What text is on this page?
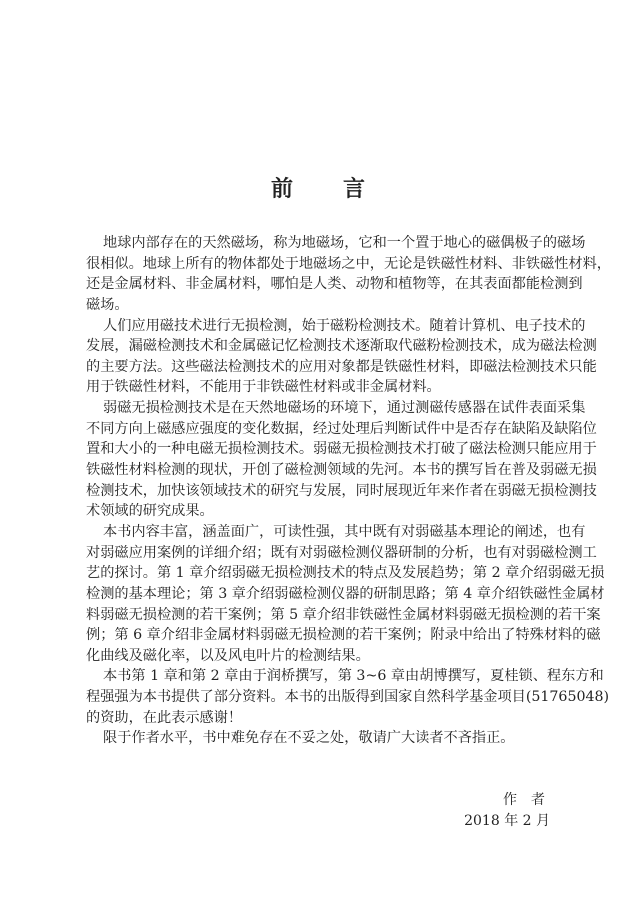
前　　言
地球内部存在的天然磁场，称为地磁场，它和一个置于地心的磁偶极子的磁场
很相似。地球上所有的物体都处于地磁场之中，无论是铁磁性材料、非铁磁性材料，
还是金属材料、非金属材料，哪怕是人类、动物和植物等，在其表面都能检测到
磁场。
人们应用磁技术进行无损检测，始于磁粉检测技术。随着计算机、电子技术的
发展，漏磁检测技术和金属磁记忆检测技术逐渐取代磁粉检测技术，成为磁法检测
的主要方法。这些磁法检测技术的应用对象都是铁磁性材料，即磁法检测技术只能
用于铁磁性材料，不能用于非铁磁性材料或非金属材料。
弱磁无损检测技术是在天然地磁场的环境下，通过测磁传感器在试件表面采集
不同方向上磁感应强度的变化数据，经过处理后判断试件中是否存在缺陷及缺陷位
置和大小的一种电磁无损检测技术。弱磁无损检测技术打破了磁法检测只能应用于
铁磁性材料检测的现状，开创了磁检测领域的先河。本书的撰写旨在普及弱磁无损
检测技术，加快该领域技术的研究与发展，同时展现近年来作者在弱磁无损检测技
术领域的研究成果。
本书内容丰富，涵盖面广，可读性强，其中既有对弱磁基本理论的阐述，也有
对弱磁应用案例的详细介绍；既有对弱磁检测仪器研制的分析，也有对弱磁检测工
艺的探讨。第 1 章介绍弱磁无损检测技术的特点及发展趋势；第 2 章介绍弱磁无损
检测的基本理论；第 3 章介绍弱磁检测仪器的研制思路；第 4 章介绍铁磁性金属材
料弱磁无损检测的若干案例；第 5 章介绍非铁磁性金属材料弱磁无损检测的若干案
例；第 6 章介绍非金属材料弱磁无损检测的若干案例；附录中给出了特殊材料的磁
化曲线及磁化率，以及风电叶片的检测结果。
本书第 1 章和第 2 章由于润桥撰写，第 3~6 章由胡博撰写，夏桂锁、程东方和
程强强为本书提供了部分资料。本书的出版得到国家自然科学基金项目(51765048)
的资助，在此表示感谢！
限于作者水平，书中难免存在不妥之处，敬请广大读者不吝指正。
作　者
2018 年 2 月
